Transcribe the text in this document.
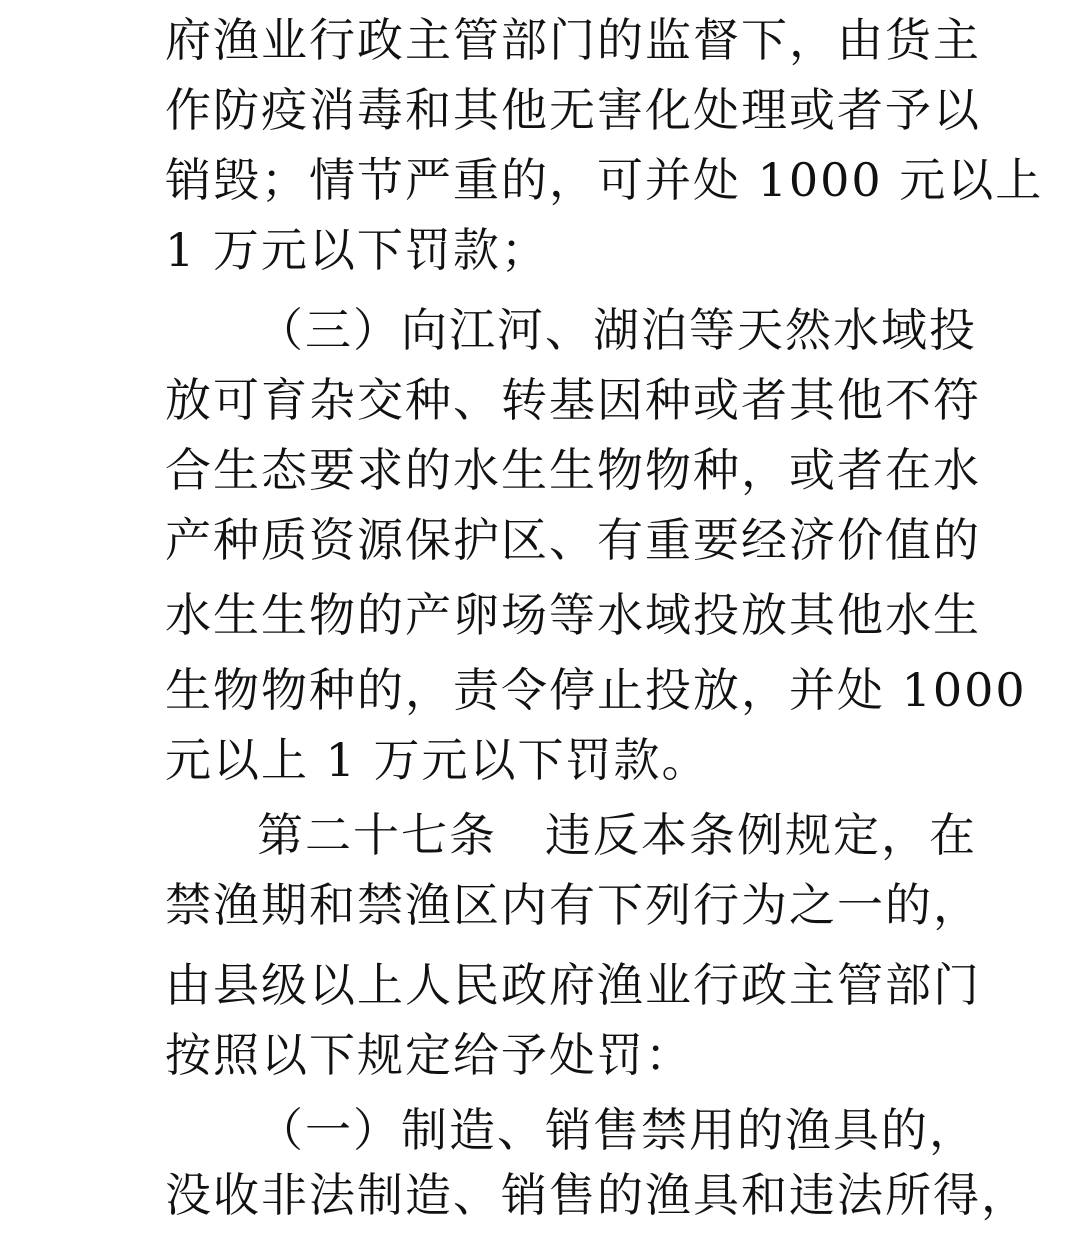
府渔业行政主管部门的监督下，由货主
作防疫消毒和其他无害化处理或者予以
销毁；情节严重的，可并处 1000 元以上
1 万元以下罚款；
（三）向江河、湖泊等天然水域投
放可育杂交种、转基因种或者其他不符
合生态要求的水生生物物种，或者在水
产种质资源保护区、有重要经济价值的
水生生物的产卵场等水域投放其他水生
生物物种的，责令停止投放，并处 1000
元以上 1 万元以下罚款。
第二十七条　违反本条例规定，在
禁渔期和禁渔区内有下列行为之一的，
由县级以上人民政府渔业行政主管部门
按照以下规定给予处罚：
（一）制造、销售禁用的渔具的，
没收非法制造、销售的渔具和违法所得，
